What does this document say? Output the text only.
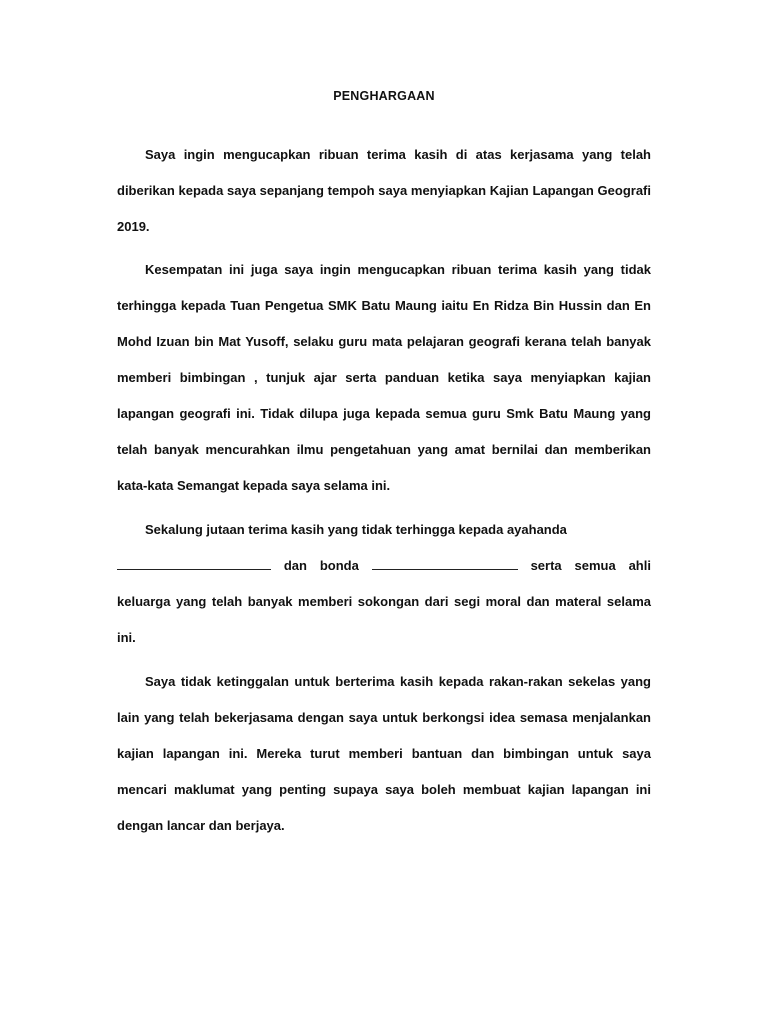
PENGHARGAAN

Saya ingin mengucapkan ribuan terima kasih di atas kerjasama yang telah diberikan kepada saya sepanjang tempoh saya menyiapkan Kajian Lapangan Geografi 2019.

Kesempatan ini juga saya ingin mengucapkan ribuan terima kasih yang tidak terhingga kepada Tuan Pengetua SMK Batu Maung iaitu En Ridza Bin Hussin dan En Mohd Izuan bin Mat Yusoff, selaku guru mata pelajaran geografi kerana telah banyak memberi bimbingan , tunjuk ajar serta panduan ketika saya menyiapkan kajian lapangan geografi ini. Tidak dilupa juga kepada semua guru Smk Batu Maung yang telah banyak mencurahkan ilmu pengetahuan yang amat bernilai dan memberikan kata-kata Semangat kepada saya selama ini.

Sekalung jutaan terima kasih yang tidak terhingga kepada ayahanda

dan bonda	serta semua ahli

keluarga yang telah banyak memberi sokongan dari segi moral dan materal selama ini.

Saya tidak ketinggalan untuk berterima kasih kepada rakan-rakan sekelas yang lain yang telah bekerjasama dengan saya untuk berkongsi idea semasa menjalankan kajian lapangan ini. Mereka turut memberi bantuan dan bimbingan untuk saya mencari maklumat yang penting supaya saya boleh membuat kajian lapangan ini dengan lancar dan berjaya.
